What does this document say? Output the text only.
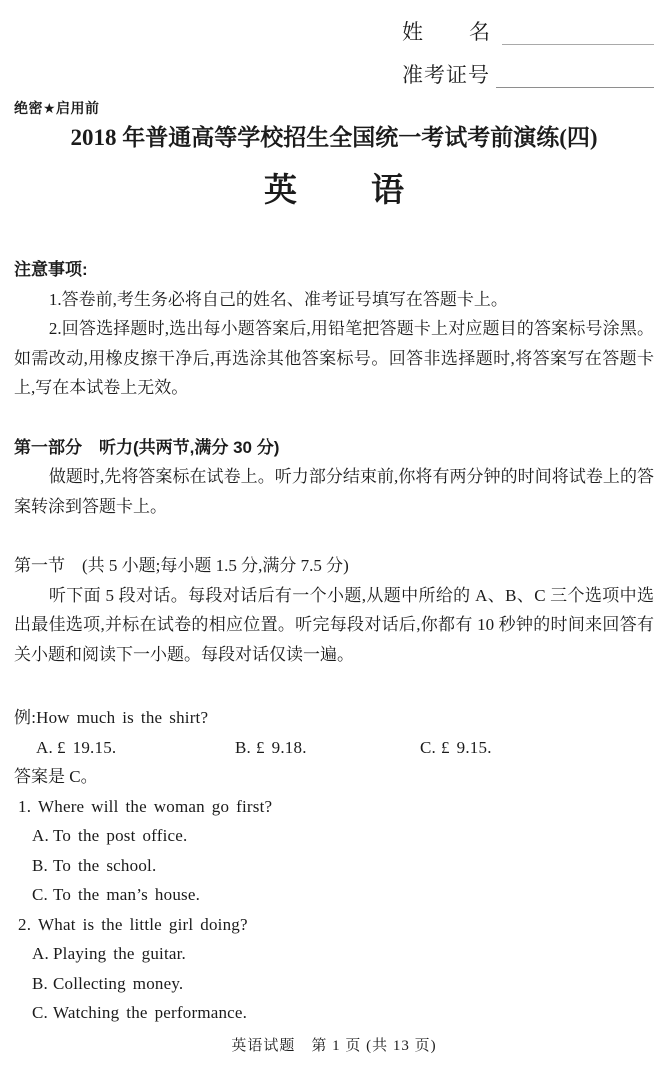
姓 名
准考证号
绝密★启用前
2018 年普通高等学校招生全国统一考试考前演练(四)
英 语
注意事项:

1.答卷前,考生务必将自己的姓名、准考证号填写在答题卡上。

2.回答选择题时,选出每小题答案后,用铅笔把答题卡上对应题目的答案标号涂黑。如需改动,用橡皮擦干净后,再选涂其他答案标号。回答非选择题时,将答案写在答题卡上,写在本试卷上无效。

第一部分　听力(共两节,满分 30 分)

做题时,先将答案标在试卷上。听力部分结束前,你将有两分钟的时间将试卷上的答案转涂到答题卡上。

第一节　(共 5 小题;每小题 1.5 分,满分 7.5 分)

听下面 5 段对话。每段对话后有一个小题,从题中所给的 A、B、C 三个选项中选出最佳选项,并标在试卷的相应位置。听完每段对话后,你都有 10 秒钟的时间来回答有关小题和阅读下一小题。每段对话仅读一遍。

例:How much is the shirt?
A. £ 19.15.	B. £ 9.18.	C. £ 9.15.
答案是 C。
1. Where will the woman go first?
A. To the post office.
B. To the school.
C. To the man’s house.
2. What is the little girl doing?
A. Playing the guitar.
B. Collecting money.
C. Watching the performance.
英语试题　第 1 页 (共 13 页)
